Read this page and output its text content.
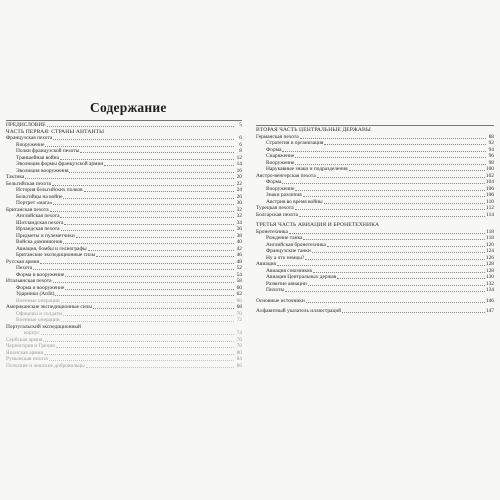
Содержание
ПРЕДИСЛОВИЕ	5
ЧАСТЬ ПЕРВАЯ: СТРАНЫ АНТАНТЫ
Французская пехота	6
Вооружение	6
Полки французской пехоты	8
Траншейная война	12
Эволюция формы французской армии	14
Эволюция вооружения	16
Тактика	20
Бельгийская пехота	22
История бельгийских полков	24
Бельгийцы на войне	26
Портрет «мага»	30
Британская пехота	32
Английская пехота	32
Шотландская пехота	34
Ирландская пехота	36
Предметы и пулеметчики	38
Войска доминионов	40
Авиация, бомбы и гелиографы	42
Британские экспедиционные силы	46
Русская армия	48
Пехота	52
Форма и вооружение	54
Итальянская пехота	58
Форма и вооружение	60
Ударники (Ardit)	62
Военные операции	66
Американские экспедиционные силы	68
Офицеры и солдаты	70
Военные операции	72
Португальский экспедиционный
корпус	74
Сербская армия	76
Черногория и Греция	78
Японская армия	80
Румынская пехота	84
Польские и чешские добровольцы	86
ВТОРАЯ ЧАСТЬ ЦЕНТРАЛЬНЫЕ ДЕРЖАВЫ
Германская пехота	88
Стратегия и организация	92
Форма	94
Снаряжение	96
Вооружение	98
Нарукавные знаки и подразделения	100
Австро-венгерская пехота	102
Форма	104
Вооружение	106
Знаки различия	106
Австрия во время войны	110
Турецкая пехота	112
Болгарская пехота	114
ТРЕТЬЯ ЧАСТЬ АВИАЦИЯ И БРОНЕТЕХНИКА
Бронетехника	118
Рождение танка	118
Английская бронетехника	120
Французские танки	124
Ну а что немцы?	126
Авиация	128
Авиация союзников	128
Авиация Центральных держав	130
Развитие авиации	132
Пилоты	134
Основные источники	146
Алфавитный указатель иллюстраций	147
